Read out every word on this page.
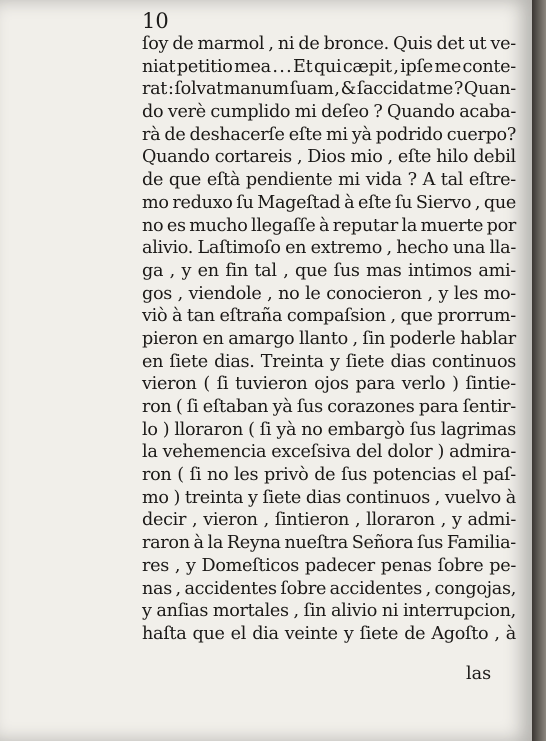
10
ſoy de marmol , ni de bronce. Quis det ut ve-
niat petitio mea . . . Et qui cæpit , ipſe me conte-
rat : ſolvat manum ſuam , & ſaccidat me ? Quan-
do verè cumplido mi deſeo ? Quando acaba-
rà de deshacerſe eſte mi yà podrido cuerpo?
Quando cortareis , Dios mio , eſte hilo debil
de que eſtà pendiente mi vida ? A tal eſtre-
mo reduxo ſu Mageſtad à eſte ſu Siervo , que
no es mucho llegaſſe à reputar la muerte por
alivio. Laſtimoſo en extremo , hecho una lla-
ga , y en fin tal , que ſus mas intimos ami-
gos , viendole , no le conocieron , y les mo-
viò à tan eſtraña compaſsion , que prorrum-
pieron en amargo llanto , ſin poderle hablar
en ſiete dias. Treinta y ſiete dias continuos
vieron ( ſi tuvieron ojos para verlo ) ſintie-
ron ( ſi eſtaban yà ſus corazones para ſentir-
lo ) lloraron ( ſi yà no embargò ſus lagrimas
la vehemencia exceſsiva del dolor ) admira-
ron ( ſi no les privò de ſus potencias el paſ-
mo ) treinta y ſiete dias continuos , vuelvo à
decir , vieron , ſintieron , lloraron , y admi-
raron à la Reyna nueſtra Señora ſus Familia-
res , y Domeſticos padecer penas ſobre pe-
nas , accidentes ſobre accidentes , congojas,
y anſias mortales , ſin alivio ni interrupcion,
haſta que el dia veinte y ſiete de Agoſto , à
las
